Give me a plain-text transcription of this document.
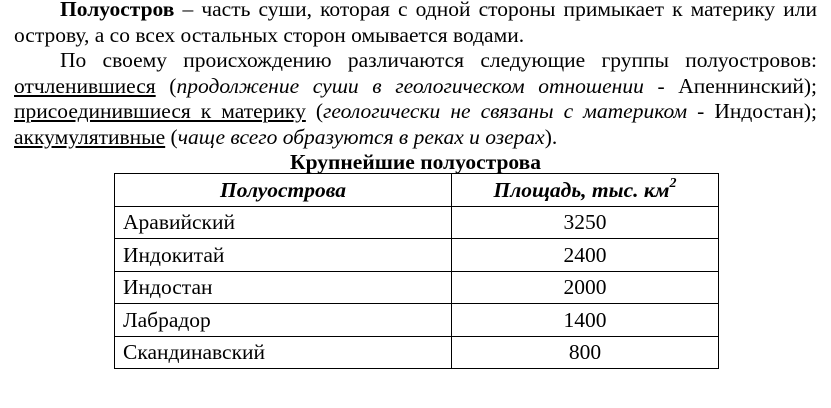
Полуостров – часть суши, которая с одной стороны примыкает к материку или острову, а со всех остальных сторон омывается водами.

По своему происхождению различаются следующие группы полуостровов: отчленившиеся (продолжение суши в геологическом отношении - Апеннинский); присоединившиеся к материку (геологически не связаны с материком - Индостан); аккумулятивные (чаще всего образуются в реках и озерах).

Крупнейшие полуострова

Полуострова	Площадь, тыс. $км^2$
Аравийский	3250
Индокитай	2400
Индостан	2000
Лабрадор	1400
Скандинавский	800
